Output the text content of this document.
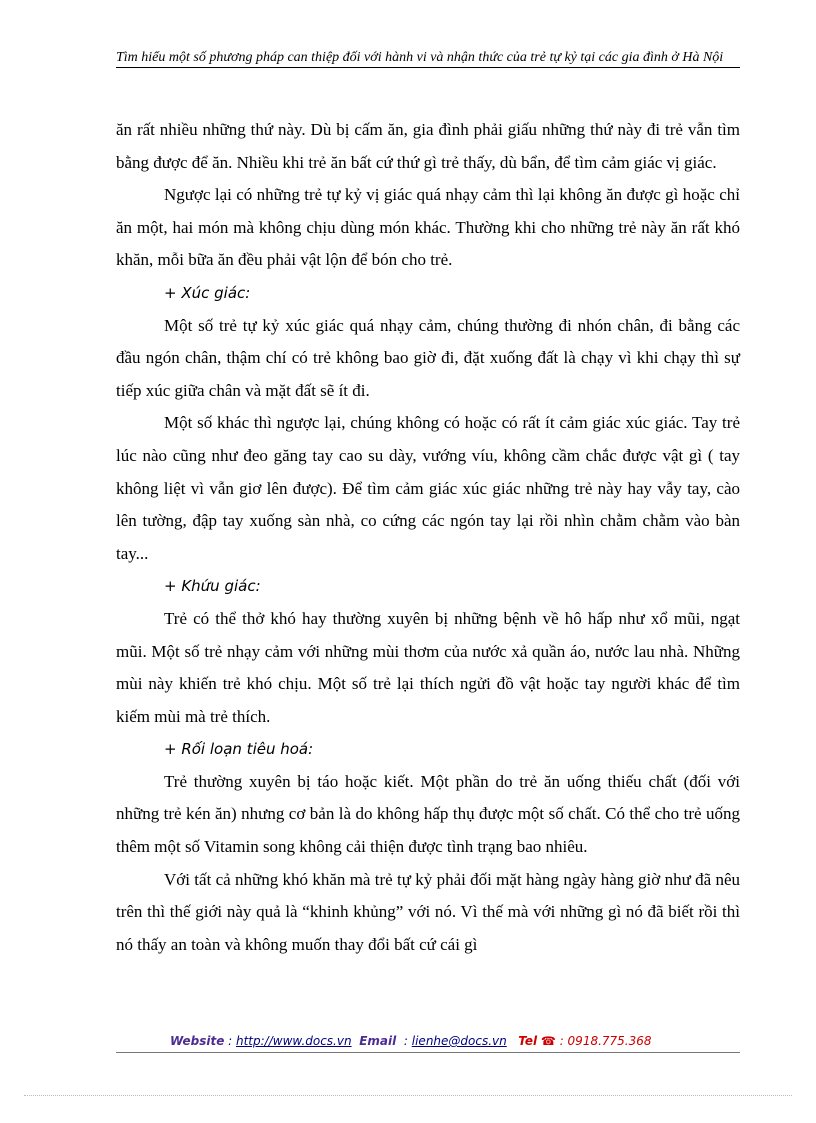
Tìm hiểu một số phương pháp can thiệp đối với hành vi và nhận thức của trẻ tự kỷ tại các gia đình ở Hà Nội

ăn rất nhiều những thứ này. Dù bị cấm ăn, gia đình phải giấu những thứ này đi trẻ vẫn tìm bằng được để ăn. Nhiều khi trẻ ăn bất cứ thứ gì trẻ thấy, dù bẩn, để tìm cảm giác vị giác.

Ngược lại có những trẻ tự kỷ vị giác quá nhạy cảm thì lại không ăn được gì hoặc chỉ ăn một, hai món mà không chịu dùng món khác. Thường khi cho những trẻ này ăn rất khó khăn, mỗi bữa ăn đều phải vật lộn để bón cho trẻ.

+ Xúc giác:

Một số trẻ tự kỷ xúc giác quá nhạy cảm, chúng thường đi nhón chân, đi bằng các đầu ngón chân, thậm chí có trẻ không bao giờ đi, đặt xuống đất là chạy vì khi chạy thì sự tiếp xúc giữa chân và mặt đất sẽ ít đi.

Một số khác thì ngược lại, chúng không có hoặc có rất ít cảm giác xúc giác. Tay trẻ lúc nào cũng như đeo găng tay cao su dày, vướng víu, không cầm chắc được vật gì ( tay không liệt vì vẫn giơ lên được). Để tìm cảm giác xúc giác những trẻ này hay vẫy tay, cào lên tường, đập tay xuống sàn nhà, co cứng các ngón tay lại rồi nhìn chằm chằm vào bàn tay...

+ Khứu giác:

Trẻ có thể thở khó hay thường xuyên bị những bệnh về hô hấp như xổ mũi, ngạt mũi. Một số trẻ nhạy cảm với những mùi thơm của nước xả quần áo, nước lau nhà. Những mùi này khiến trẻ khó chịu. Một số trẻ lại thích ngửi đồ vật hoặc tay người khác để tìm kiếm mùi mà trẻ thích.

+ Rối loạn tiêu hoá:

Trẻ thường xuyên bị táo hoặc kiết. Một phần do trẻ ăn uống thiếu chất (đối với những trẻ kén ăn) nhưng cơ bản là do không hấp thụ được một số chất. Có thể cho trẻ uống thêm một số Vitamin song không cải thiện được tình trạng bao nhiêu.

Với tất cả những khó khăn mà trẻ tự kỷ phải đối mặt hàng ngày hàng giờ như đã nêu trên thì thế giới này quả là “khinh khủng” với nó. Vì thế mà với những gì nó đã biết rồi thì nó thấy an toàn và không muốn thay đổi bất cứ cái gì

Website : http://www.docs.vn Email  : lienhe@docs.vn Tel ☎ : 0918.775.368
